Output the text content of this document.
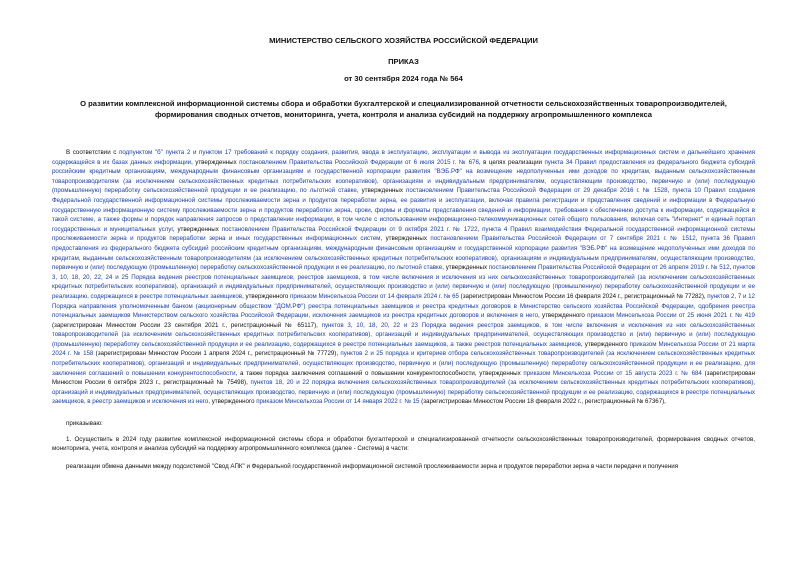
МИНИСТЕРСТВО СЕЛЬСКОГО ХОЗЯЙСТВА РОССИЙСКОЙ ФЕДЕРАЦИИ
ПРИКАЗ
от 30 сентября 2024 года № 564
О развитии комплексной информационной системы сбора и обработки бухгалтерской и специализированной отчетности сельскохозяйственных товаропроизводителей, формирования сводных отчетов, мониторинга, учета, контроля и анализа субсидий на поддержку агропромышленного комплекса

В соответствии с подпунктом "б" пункта 2 и пунктом 17 требований к порядку создания, развития, ввода в эксплуатацию, эксплуатации и вывода из эксплуатации государственных информационных систем и дальнейшего хранения содержащейся в их базах данных информации, утвержденных постановлением Правительства Российской Федерации от 6 июля 2015 г. № 676, в целях реализации пункта 34 Правил предоставления из федерального бюджета субсидий российским кредитным организациям, международным финансовым организациям и государственной корпорации развития "ВЭБ.РФ" на возмещение недополученных ими доходов по кредитам, выданным сельскохозяйственным товаропроизводителям (за исключением сельскохозяйственных кредитных потребительских кооперативов), организациям и индивидуальным предпринимателям, осуществляющим производство, первичную и (или) последующую (промышленную) переработку сельскохозяйственной продукции и ее реализацию, по льготной ставке, утвержденных постановлением Правительства Российской Федерации от 29 декабря 2016 г. № 1528, пункта 10 Правил создания Федеральной государственной информационной системы прослеживаемости зерна и продуктов переработки зерна, ее развития и эксплуатации, включая правила регистрации и представления сведений и информации в Федеральную государственную информационную систему прослеживаемости зерна и продуктов переработки зерна, сроки, формы и форматы представления сведений и информации, требования к обеспечению доступа к информации, содержащейся в такой системе, а также формы и порядок направления запросов о представлении информации, в том числе с использованием информационно-телекоммуникационных сетей общего пользования, включая сеть "Интернет" и единый портал государственных и муниципальных услуг, утвержденных постановлением Правительства Российской Федерации от 9 октября 2021 г. № 1722, пункта 4 Правил взаимодействия Федеральной государственной информационной системы прослеживаемости зерна и продуктов переработки зерна и иных государственных информационных систем, утвержденных постановлением Правительства Российской Федерации от 7 сентября 2021 г. № 1512, пункта 36 Правил предоставления из федерального бюджета субсидий российским кредитным организациям, международным финансовым организациям и государственной корпорации развития "ВЭБ.РФ" на возмещение недополученных ими доходов по кредитам, выданным сельскохозяйственным товаропроизводителям (за исключением сельскохозяйственных кредитных потребительских кооперативов), организациям и индивидуальным предпринимателям, осуществляющим производство, первичную и (или) последующую (промышленную) переработку сельскохозяйственной продукции и ее реализацию, по льготной ставке, утвержденных постановлением Правительства Российской Федерации от 26 апреля 2019 г. № 512, пунктов 3, 10, 18, 20, 22, 24 и 25 Порядка ведения реестров потенциальных заемщиков, реестров заемщиков, в том числе включения и исключения из них сельскохозяйственных товаропроизводителей (за исключением сельскохозяйственных кредитных потребительских кооперативов), организаций и индивидуальных предпринимателей, осуществляющих производство и (или) первичную и (или) последующую (промышленную) переработку сельскохозяйственной продукции и ее реализацию, содержащихся в реестре потенциальных заемщиков, утвержденного приказом Минсельхоза России от 14 февраля 2024 г. № 65 (зарегистрирован Минюстом России 16 февраля 2024 г., регистрационный № 77282), пунктов 2, 7 и 12 Порядка направления уполномоченным банком (акционерным обществом "ДОМ.РФ") реестра потенциальных заемщиков и реестра кредитных договоров в Министерство сельского хозяйства Российской Федерации, одобрения реестра потенциальных заемщиков Министерством сельского хозяйства Российской Федерации, исключения заемщиков из реестра кредитных договоров и включения в него, утвержденного приказом Минсельхоза России от 25 июня 2021 г. № 419 (зарегистрирован Минюстом России 23 сентября 2021 г., регистрационный № 65117), пунктов 3, 10, 18, 20, 22 и 23 Порядка ведения реестров заемщиков, в том числе включения и исключения из них сельскохозяйственных товаропроизводителей (за исключением сельскохозяйственных кредитных потребительских кооперативов), организаций и индивидуальных предпринимателей, осуществляющих производство и (или) первичную и (или) последующую (промышленную) переработку сельскохозяйственной продукции и ее реализацию, содержащихся в реестре потенциальных заемщиков, а также реестров потенциальных заемщиков, утвержденного приказом Минсельхоза России от 21 марта 2024 г. № 158 (зарегистрирован Минюстом России 1 апреля 2024 г., регистрационный № 77729), пунктов 2 и 25 порядка и критериев отбора сельскохозяйственных товаропроизводителей (за исключением сельскохозяйственных кредитных потребительских кооперативов), организаций и индивидуальных предпринимателей, осуществляющих производство, первичную и (или) последующую (промышленную) переработку сельскохозяйственной продукции и ее реализацию, для заключения соглашений о повышении конкурентоспособности, а также порядка заключения соглашений о повышении конкурентоспособности, утвержденных приказом Минсельхоза России от 15 августа 2023 г. № 684 (зарегистрирован Минюстом России 6 октября 2023 г., регистрационный № 75498), пунктов 18, 20 и 22 порядка включения сельскохозяйственных товаропроизводителей (за исключением сельскохозяйственных кредитных потребительских кооперативов), организаций и индивидуальных предпринимателей, осуществляющих производство, первичную и (или) последующую (промышленную) переработку сельскохозяйственной продукции и ее реализацию, содержащихся в реестре потенциальных заемщиков, в реестр заемщиков и исключения из него, утвержденного приказом Минсельхоза России от 14 января 2022 г. № 15 (зарегистрирован Минюстом России 18 февраля 2022 г., регистрационный № 67367),

приказываю:

1. Осуществить в 2024 году развитие комплексной информационной системы сбора и обработки бухгалтерской и специализированной отчетности сельскохозяйственных товаропроизводителей, формирования сводных отчетов, мониторинга, учета, контроля и анализа субсидий на поддержку агропромышленного комплекса (далее - Система) в части:

реализации обмена данными между подсистемой "Свод АПК" и Федеральной государственной информационной системой прослеживаемости зерна и продуктов переработки зерна в части передачи и получения
